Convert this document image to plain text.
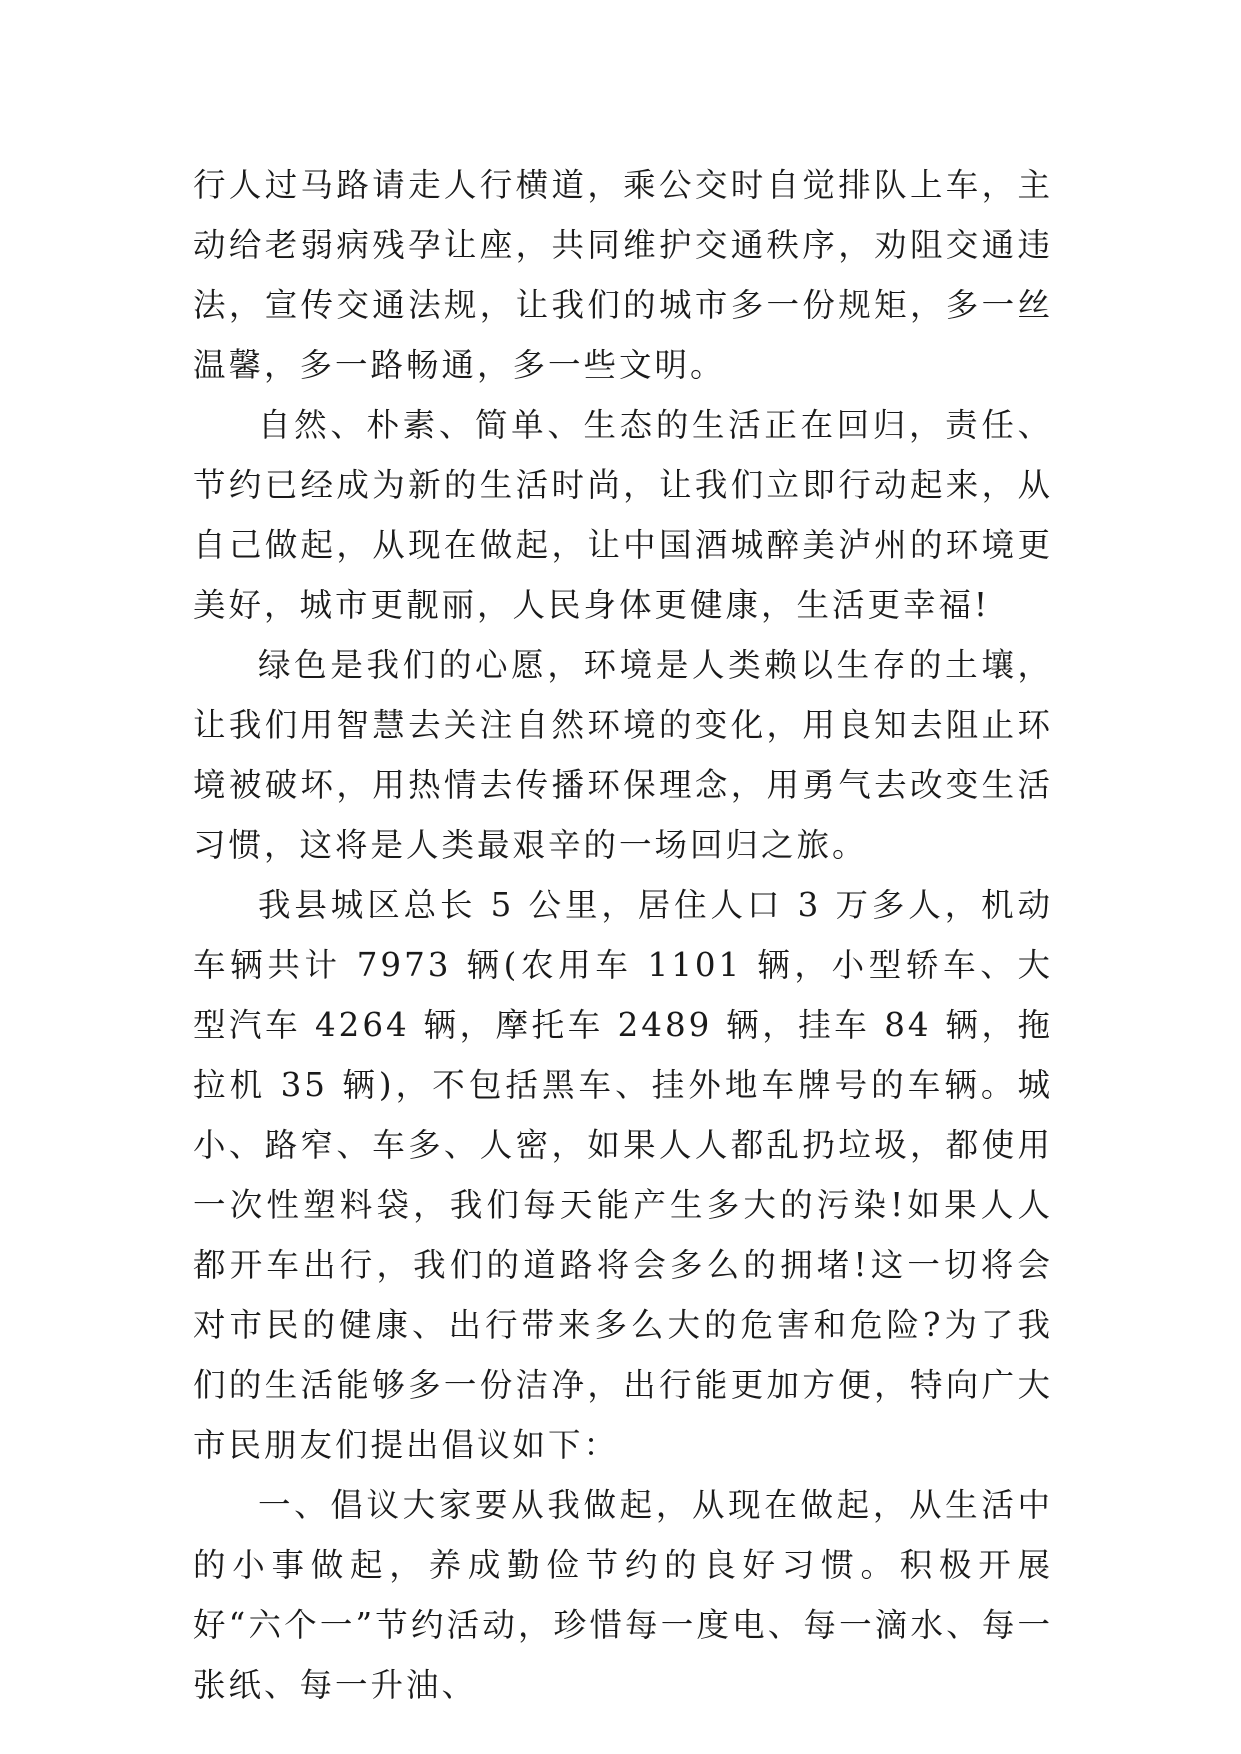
行人过马路请走人行横道，乘公交时自觉排队上车，主动给老弱病残孕让座，共同维护交通秩序，劝阻交通违法，宣传交通法规，让我们的城市多一份规矩，多一丝温馨，多一路畅通，多一些文明。

自然、朴素、简单、生态的生活正在回归，责任、节约已经成为新的生活时尚，让我们立即行动起来，从自己做起，从现在做起，让中国酒城醉美泸州的环境更美好，城市更靓丽，人民身体更健康，生活更幸福!

绿色是我们的心愿，环境是人类赖以生存的土壤，让我们用智慧去关注自然环境的变化，用良知去阻止环境被破坏，用热情去传播环保理念，用勇气去改变生活习惯，这将是人类最艰辛的一场回归之旅。

我县城区总长 5 公里，居住人口 3 万多人，机动车辆共计 7973 辆(农用车 1101 辆，小型轿车、大型汽车 4264 辆，摩托车 2489 辆，挂车 84 辆，拖拉机 35 辆)，不包括黑车、挂外地车牌号的车辆。城小、路窄、车多、人密，如果人人都乱扔垃圾，都使用一次性塑料袋，我们每天能产生多大的污染!如果人人都开车出行，我们的道路将会多么的拥堵!这一切将会对市民的健康、出行带来多么大的危害和危险?为了我们的生活能够多一份洁净，出行能更加方便，特向广大市民朋友们提出倡议如下：

一、倡议大家要从我做起，从现在做起，从生活中的小事做起，养成勤俭节约的良好习惯。积极开展好“六个一”节约活动，珍惜每一度电、每一滴水、每一张纸、每一升油、
